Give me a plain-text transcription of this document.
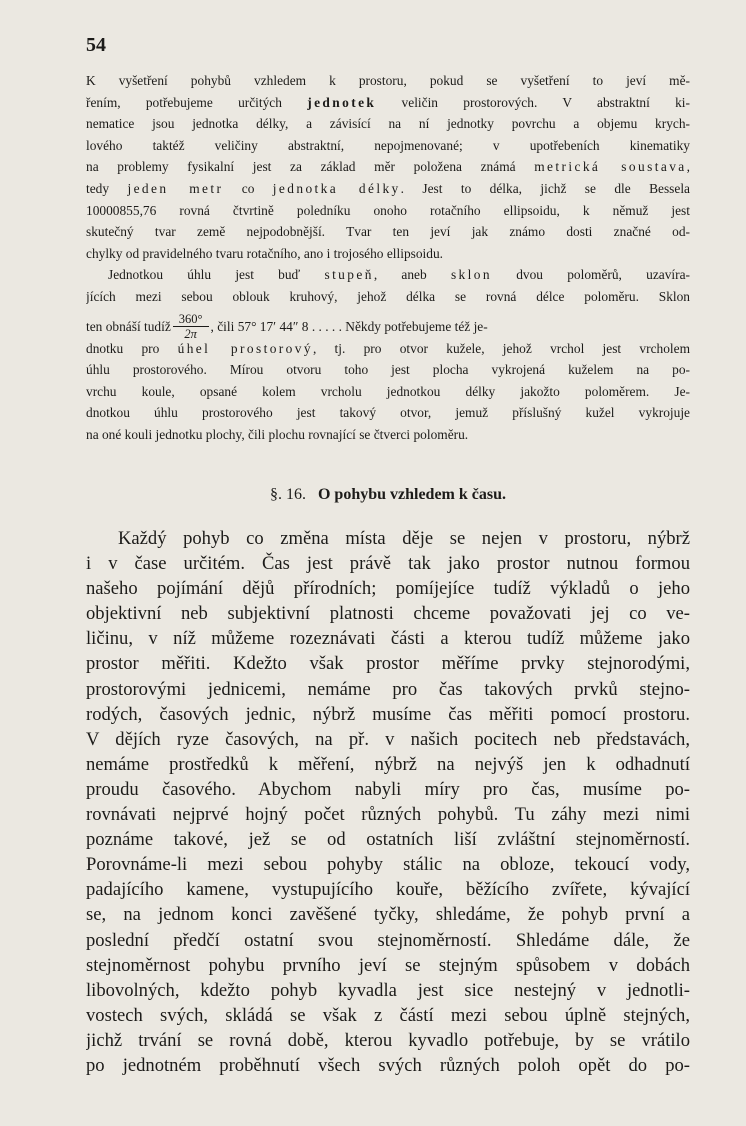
54
K vyšetření pohybů vzhledem k prostoru, pokud se vyšetření to jeví mě-
řením, potřebujeme určitých jednotek veličin prostorových. V abstraktní ki-
nematice jsou jednotka délky, a závisící na ní jednotky povrchu a objemu krych-
lového taktéž veličiny abstraktní, nepojmenované; v upotřebeních kinematiky
na problemy fysikalní jest za základ měr položena známá metrická soustava,
tedy jeden metr co jednotka délky. Jest to délka, jichž se dle Bessela
10000855,76 rovná čtvrtině poledníku onoho rotačního ellipsoidu, k němuž jest
skutečný tvar země nejpodobnější. Tvar ten jeví jak známo dosti značné od-
chylky od pravidelného tvaru rotačního, ano i trojosého ellipsoidu.
Jednotkou úhlu jest buď stupeň, aneb sklon dvou poloměrů, uzavíra-
jících mezi sebou oblouk kruhový, jehož délka se rovná délce poloměru. Sklon
ten obnáší tudíž $\frac{360^\circ}{2\pi}$ , čili 57° 17′ 44″ 8 . . . . . Někdy potřebujeme též je-
dnotku pro úhel prostorový, tj. pro otvor kužele, jehož vrchol jest vrcholem
úhlu prostorového. Mírou otvoru toho jest plocha vykrojená kuželem na po-
vrchu koule, opsané kolem vrcholu jednotkou délky jakožto poloměrem. Je-
dnotkou úhlu prostorového jest takový otvor, jemuž příslušný kužel vykrojuje
na oné kouli jednotku plochy, čili plochu rovnající se čtverci poloměru.
§. 16. O pohybu vzhledem k času.
Každý pohyb co změna místa děje se nejen v prostoru, nýbrž
i v čase určitém. Čas jest právě tak jako prostor nutnou formou
našeho pojímání dějů přírodních; pomíjejíce tudíž výkladů o jeho
objektivní neb subjektivní platnosti chceme považovati jej co ve-
ličinu, v níž můžeme rozeznávati části a kterou tudíž můžeme jako
prostor měřiti. Kdežto však prostor měříme prvky stejnorodými,
prostorovými jednicemi, nemáme pro čas takových prvků stejno-
rodých, časových jednic, nýbrž musíme čas měřiti pomocí prostoru.
V dějích ryze časových, na př. v našich pocitech neb představách,
nemáme prostředků k měření, nýbrž na nejvýš jen k odhadnutí
proudu časového. Abychom nabyli míry pro čas, musíme po-
rovnávati nejprvé hojný počet různých pohybů. Tu záhy mezi nimi
poznáme takové, jež se od ostatních liší zvláštní stejnoměrností.
Porovnáme-li mezi sebou pohyby stálic na obloze, tekoucí vody,
padajícího kamene, vystupujícího kouře, běžícího zvířete, kývající
se, na jednom konci zavěšené tyčky, shledáme, že pohyb první a
poslední předčí ostatní svou stejnoměrností. Shledáme dále, že
stejnoměrnost pohybu prvního jeví se stejným spůsobem v dobách
libovolných, kdežto pohyb kyvadla jest sice nestejný v jednotli-
vostech svých, skládá se však z částí mezi sebou úplně stejných,
jichž trvání se rovná době, kterou kyvadlo potřebuje, by se vrátilo
po jednotném proběhnutí všech svých různých poloh opět do po-
